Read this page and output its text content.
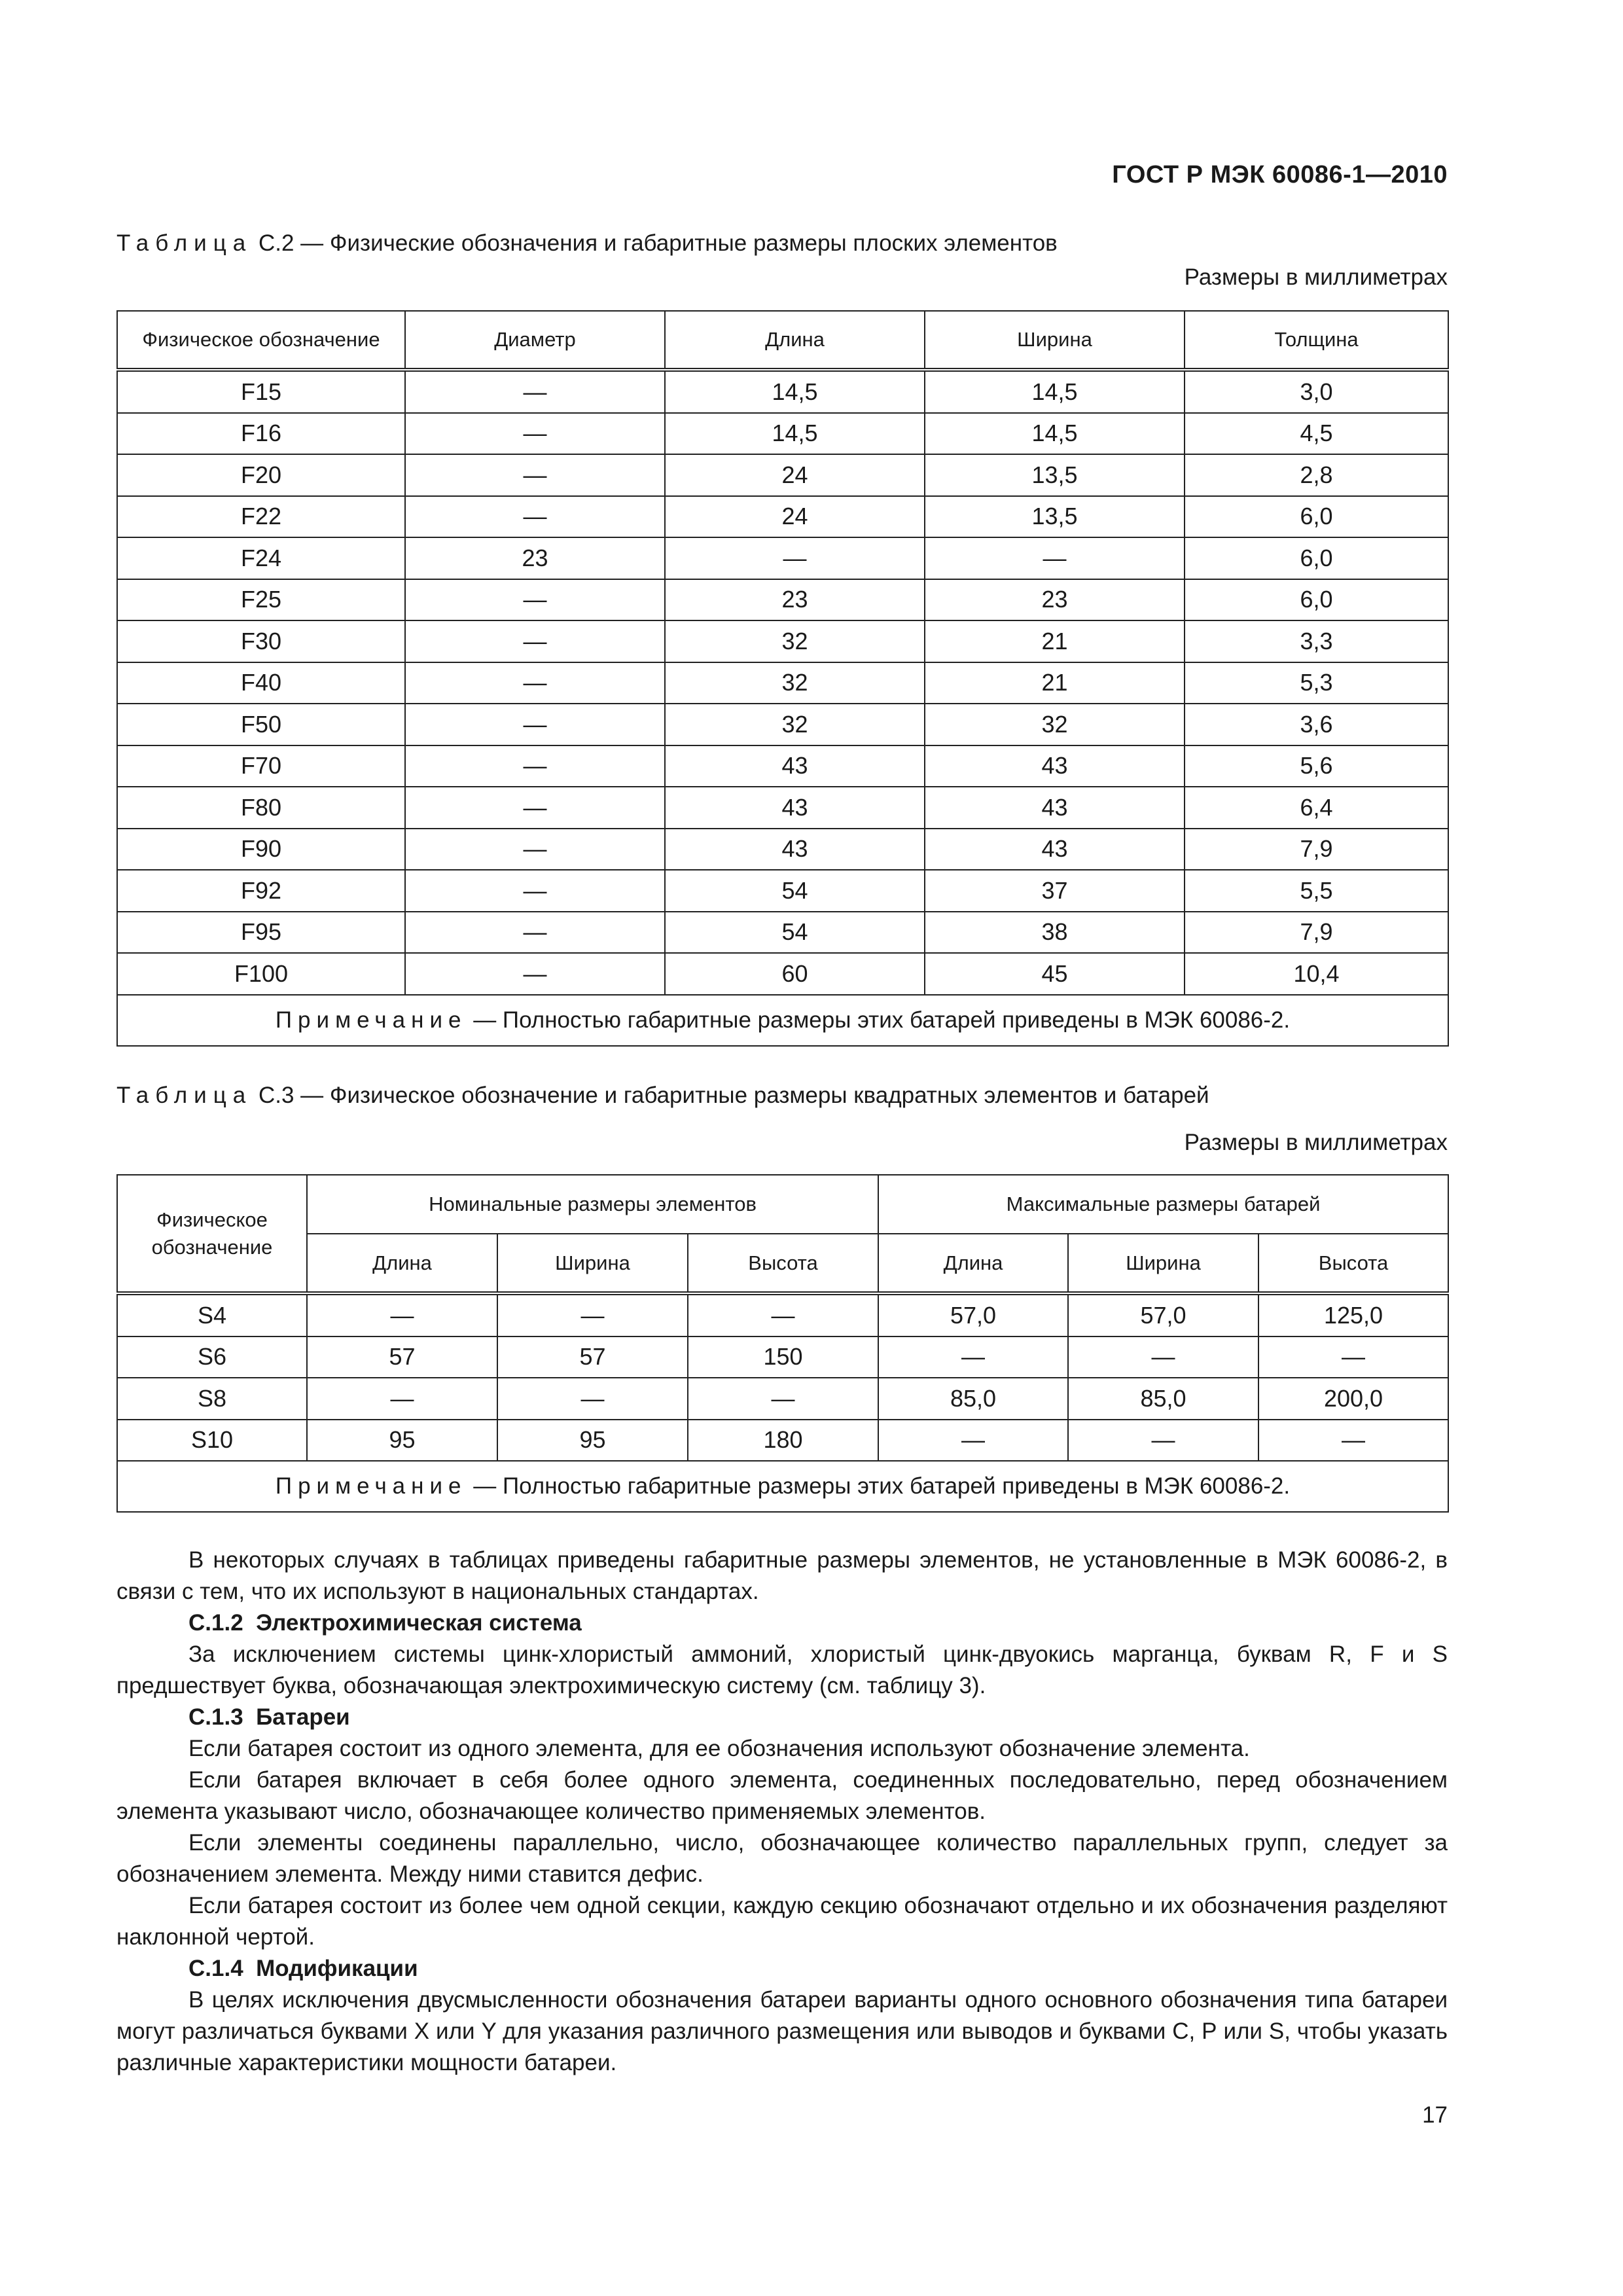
ГОСТ Р МЭК 60086-1—2010
Таблица С.2 — Физические обозначения и габаритные размеры плоских элементов
Размеры в миллиметрах
Физическое обозначение	Диаметр	Длина	Ширина	Толщина
F15	—	14,5	14,5	3,0
F16	—	14,5	14,5	4,5
F20	—	24	13,5	2,8
F22	—	24	13,5	6,0
F24	23	—	—	6,0
F25	—	23	23	6,0
F30	—	32	21	3,3
F40	—	32	21	5,3
F50	—	32	32	3,6
F70	—	43	43	5,6
F80	—	43	43	6,4
F90	—	43	43	7,9
F92	—	54	37	5,5
F95	—	54	38	7,9
F100	—	60	45	10,4
Примечание — Полностью габаритные размеры этих батарей приведены в МЭК 60086-2.				
Таблица С.3 — Физическое обозначение и габаритные размеры квадратных элементов и батарей
Размеры в миллиметрах
Физическое обозначение	Номинальные размеры элементов			Максимальные размеры батарей		
	Длина	Ширина	Высота	Длина	Ширина	Высота
S4	—	—	—	57,0	57,0	125,0
S6	57	57	150	—	—	—
S8	—	—	—	85,0	85,0	200,0
S10	95	95	180	—	—	—
Примечание — Полностью габаритные размеры этих батарей приведены в МЭК 60086-2.						

В некоторых случаях в таблицах приведены габаритные размеры элементов, не установленные в МЭК 60086-2, в связи с тем, что их используют в национальных стандартах.

С.1.2 Электрохимическая система

За исключением системы цинк-хлористый аммоний, хлористый цинк-двуокись марганца, буквам R, F и S предшествует буква, обозначающая электрохимическую систему (см. таблицу 3).

С.1.3 Батареи

Если батарея состоит из одного элемента, для ее обозначения используют обозначение элемента.

Если батарея включает в себя более одного элемента, соединенных последовательно, перед обозначением элемента указывают число, обозначающее количество применяемых элементов.

Если элементы соединены параллельно, число, обозначающее количество параллельных групп, следует за обозначением элемента. Между ними ставится дефис.

Если батарея состоит из более чем одной секции, каждую секцию обозначают отдельно и их обозначения разделяют наклонной чертой.

С.1.4 Модификации

В целях исключения двусмысленности обозначения батареи варианты одного основного обозначения типа батареи могут различаться буквами X или Y для указания различного размещения или выводов и буквами С, Р или S, чтобы указать различные характеристики мощности батареи.

17
